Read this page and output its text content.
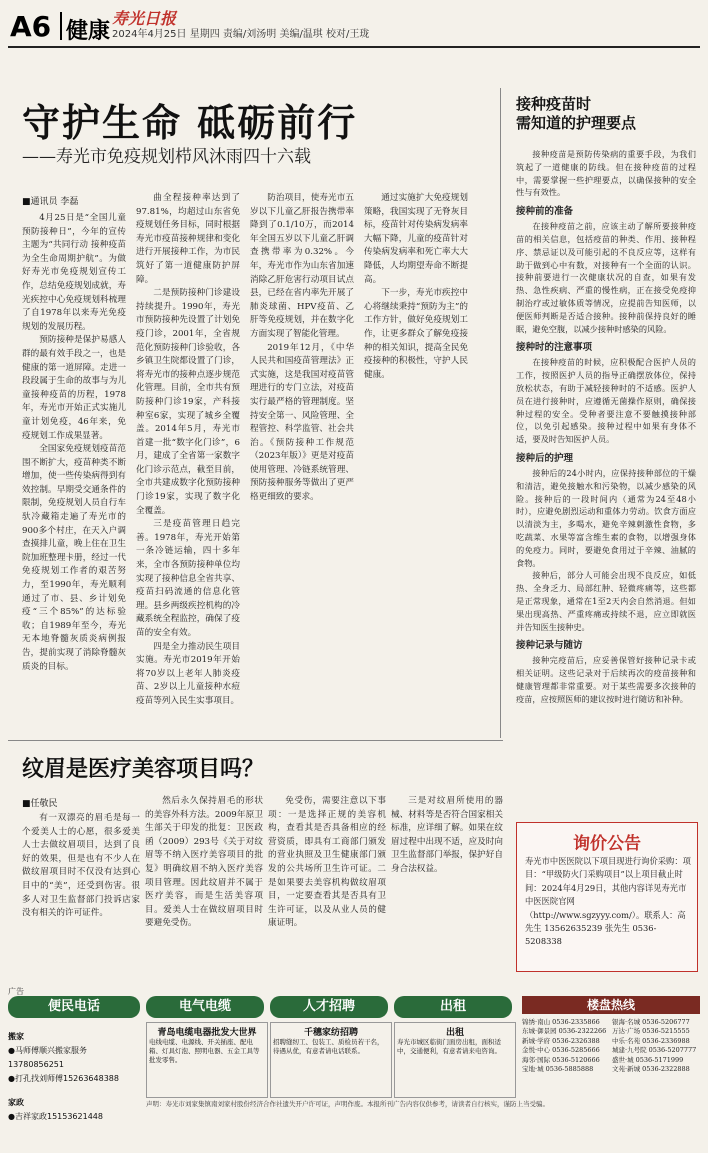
A6 健康
寿光日报
2024年4月25日 星期四 责编/刘汤明 美编/温琪 校对/王珑
守护生命 砥砺前行
——寿光市免疫规划栉风沐雨四十六载
■通讯员 李磊

4月25日是“全国儿童预防接种日”，今年的宣传主题为“共同行动 接种疫苗 为全生命周期护航”。为做好寿光市免疫规划宣传工作，总结免疫规划成就，寿光疾控中心免疫规划科梳理了自1978年以来寿光免疫规划的发展历程。

预防接种是保护易感人群的最有效手段之一，也是健康的第一道屏障。走进一段段属于生命的故事与为儿童接种疫苗的历程，1978年，寿光市开始正式实施儿童计划免疫，46年来，免疫规划工作成果显著。

全国家免疫规划疫苗范围不断扩大，疫苗种类不断增加，使一些传染病得到有效控制。早期受交通条件的限制，免疫规划人员自行车驮冷藏箱走遍了寿光市的900多个村庄，在天入户调查摸排儿童，晚上住在卫生院加班整理卡册，经过一代免疫规划工作者的艰苦努力，至1990年，寿光顺利通过了市、县、乡计划免疫“三个85%”的达标验收；自1989年至今，寿光无本地脊髓灰质炎病例报告，提前实现了消除脊髓灰质炎的目标。

曲全程接种率达到了97.81%，均超过山东省免疫规划任务目标，同时根据寿光市疫苗接种规律和变化进行开展接种工作，为市民筑好了第一道健康防护屏障。

二是预防接种门诊建设持续提升。1990年，寿光市预防接种先设置了计划免疫门诊，2001年，全省规范化预防接种门诊验收，各乡镇卫生院都设置了门诊，将寿光市的接种点逐步规范化管理。目前，全市共有预防接种门诊19家，产科接种室6家，实现了城乡全覆盖。2014年5月，寿光市首建一批“数字化门诊”，6月，建成了全省第一家数字化门诊示范点，截至目前，全市共建成数字化预防接种门诊19家，实现了数字化全覆盖。

三是疫苗管理日趋完善。1978年，寿光开始第一条冷链运输，四十多年来，全市各预防接种单位均实现了接种信息全省共享、疫苗扫码流通的信息化管理。县乡两级疾控机构的冷藏系统全程监控，确保了疫苗的安全有效。

四是全力推动民生项目实施。寿光市2019年开始将70岁以上老年人肺炎疫苗、2岁以上儿童接种水痘疫苗等列入民生实事项目。

防治项目，使寿光市五岁以下儿童乙肝报告携带率降到了0.1/10万，而2014年全国五岁以下儿童乙肝调查携带率为0.32%。今年，寿光市作为山东省加速消除乙肝危害行动项目试点县，已经在省内率先开展了肺炎球菌、HPV疫苗、乙肝等免疫规划，并在数字化方面实现了智能化管理。

2019年12月，《中华人民共和国疫苗管理法》正式实施，这是我国对疫苗管理进行的专门立法，对疫苗实行最严格的管理制度。坚持安全第一、风险管理、全程管控、科学监管、社会共治。《预防接种工作规范（2023年版）》更是对疫苗使用管理、冷链系统管理、预防接种服务等做出了更严格更细致的要求。

通过实施扩大免疫规划策略，我国实现了无脊灰目标，疫苗针对传染病发病率大幅下降，儿童的疫苗针对传染病发病率和死亡率大大降低，人均期望寿命不断提高。

下一步，寿光市疾控中心将继续秉持“预防为主”的工作方针，做好免疫规划工作，让更多群众了解免疫接种的相关知识，提高全民免疫接种的积极性，守护人民健康。

接种疫苗时
需知道的护理要点

接种疫苗是预防传染病的重要手段，为我们筑起了一道健康的防线。但在接种疫苗的过程中，需要掌握一些护理要点，以确保接种的安全性与有效性。

接种前的准备

在接种疫苗之前，应该主动了解所要接种疫苗的相关信息，包括疫苗的种类、作用、接种程序、禁忌证以及可能引起的不良反应等，这样有助于做到心中有数，对接种有一个全面的认识。接种前要进行一次健康状况的自查，如果有发热、急性疾病、严重的慢性病，正在接受免疫抑制治疗或过敏体质等情况，应提前告知医师，以便医师判断是否适合接种。接种前保持良好的睡眠，避免空腹，以减少接种时感染的风险。

接种时的注意事项

在接种疫苗的时候，应积极配合医护人员的工作，按照医护人员的指导正确摆放体位，保持放松状态，有助于减轻接种时的不适感。医护人员在进行接种时，应遵循无菌操作原则，确保接种过程的安全。受种者要注意不要触摸接种部位，以免引起感染。接种过程中如果有身体不适，要及时告知医护人员。

接种后的护理

接种后的24小时内，应保持接种部位的干燥和清洁，避免接触水和污染物，以减少感染的风险。接种后的一段时间内（通常为24至48小时），应避免剧烈运动和重体力劳动。饮食方面应以清淡为主，多喝水，避免辛辣刺激性食物，多吃蔬菜、水果等富含维生素的食物，以增强身体的免疫力。同时，要避免食用过于辛辣、油腻的食物。

接种后，部分人可能会出现不良反应，如低热、全身乏力、局部红肿、轻微疼痛等，这些都是正常现象，通常在1至2天内会自然消退。但如果出现高热、严重疼痛或持续不退，应立即就医并告知医生接种史。

接种记录与随访

接种完疫苗后，应妥善保管好接种记录卡或相关证明。这些记录对于后续再次的疫苗接种和健康管理都非常重要。对于某些需要多次接种的疫苗，应按照医师的建议按时进行随访和补种。

询价公告
寿光市中医医院以下项目现进行询价采购：项目：“甲级防火门采购项目”以上项目截止时间：2024年4月29日，其他内容详见寿光市中医医院官网（http://www.sgzyyy.com/）。联系人：高先生 13562635239 张先生 0536-5208338
纹眉是医疗美容项目吗？
■任敬民

有一双漂亮的眉毛是每一个爱美人士的心愿，很多爱美人士去做纹眉项目，达到了良好的效果，但是也有不少人在做纹眉项目时不仅没有达到心目中的“美”，还受到伤害。很多人对卫生监督部门投诉店家没有相关的许可证件。

然后永久保持眉毛的形状的美容外科方法。2009年原卫生部关于印发的批复：卫医政函（2009）293号《关于对纹眉等不纳入医疗美容项目的批复》明确纹眉不纳入医疗美容项目管理。因此纹眉并不属于医疗美容，而是生活美容项目。爱美人士在做纹眉项目时要避免受伤。

免受伤，需要注意以下事项：一是选择正规的美容机构，查看其是否具备相应的经营资质，即具有工商部门颁发的营业执照及卫生健康部门颁发的公共场所卫生许可证。二是如果要去美容机构做纹眉项目，一定要查看其是否具有卫生许可证，以及从业人员的健康证明。

三是对纹眉所使用的器械、材料等是否符合国家相关标准，应详细了解。如果在纹眉过程中出现不适，应及时向卫生监督部门举报，保护好自身合法权益。

广告
便民电话
搬家
●马师傅顺兴搬家服务13780856251
●打孔找刘师傅15263648388
家政
●吉祥家政15153621448
电气电缆	人才招聘	出租
青岛电缆电器批发大世界
电线电缆、电源线、开关插座、配电箱、灯具灯泡、照明电器、五金工具等批发零售。
千穗家纺招聘
招聘缝纫工、包装工、质检员若干名，待遇从优，有意者请电话联系。
出租
寿光市城区临街门面房出租，面积适中，交通便利，有意者请来电咨询。
声明：寿光市刘家集镇南刘家村股份经济合作社遗失开户许可证，声明作废。本报所刊广告内容仅供参考，请读者自行核实，谨防上当受骗。
楼盘热线
锦绣·南山 0536-2335866
东城·御景园 0536-2322266
新城·学府 0536-2326388
金悦·中心 0536-5285666
海邻·国际 0536-5120666
宝地·城 0536-5885888
银海·名城 0536-5206777
万达·广场 0536-5215555
中乐·名苑 0536-2336988
城建·九号院 0536-5207777
盛世·城 0536-5171999
文苑·新城 0536-2322888
